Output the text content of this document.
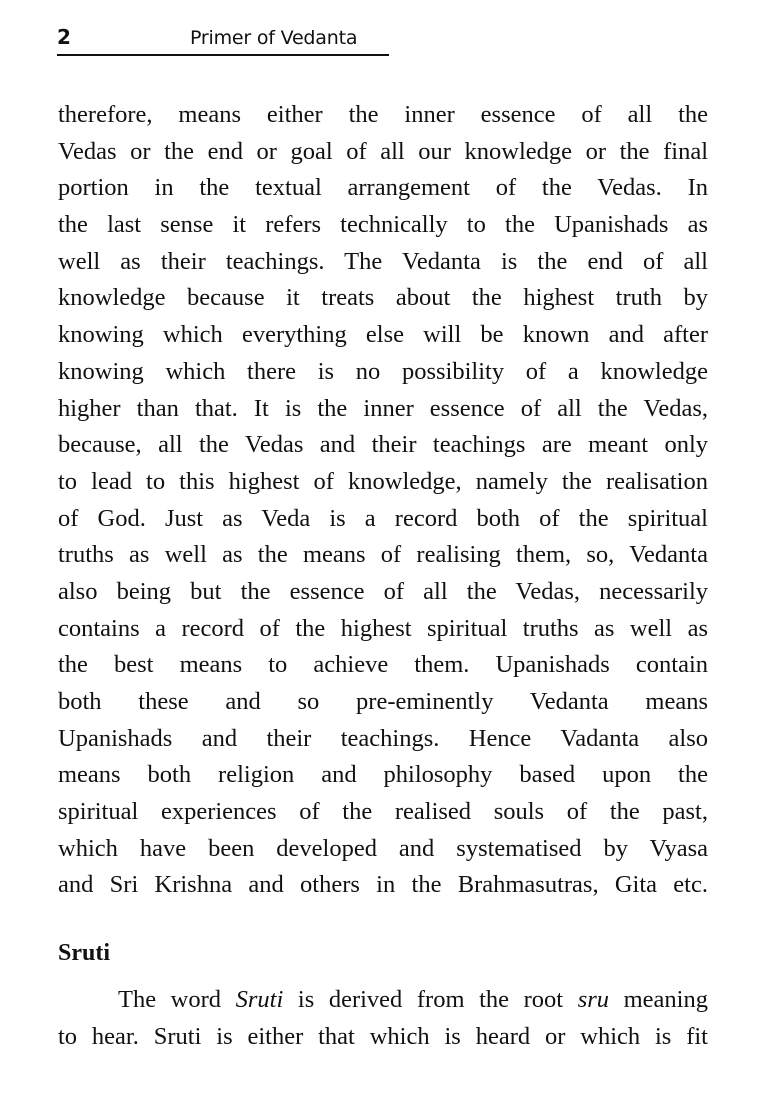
2	Primer of Vedanta
therefore, means either the inner essence of all the
Vedas or the end or goal of all our knowledge or the final
portion in the textual arrangement of the Vedas. In
the last sense it refers technically to the Upanishads as
well as their teachings. The Vedanta is the end of all
knowledge because it treats about the highest truth by
knowing which everything else will be known and after
knowing which there is no possibility of a knowledge
higher than that. It is the inner essence of all the Vedas,
because, all the Vedas and their teachings are meant only
to lead to this highest of knowledge, namely the realisation
of God. Just as Veda is a record both of the spiritual
truths as well as the means of realising them, so, Vedanta
also being but the essence of all the Vedas, necessarily
contains a record of the highest spiritual truths as well as
the best means to achieve them. Upanishads contain
both these and so pre-eminently Vedanta means
Upanishads and their teachings. Hence Vadanta also
means both religion and philosophy based upon the
spiritual experiences of the realised souls of the past,
which have been developed and systematised by Vyasa
and Sri Krishna and others in the Brahmasutras, Gita etc.
Sruti
The word Sruti is derived from the root sru meaning
to hear. Sruti is either that which is heard or which is fit
